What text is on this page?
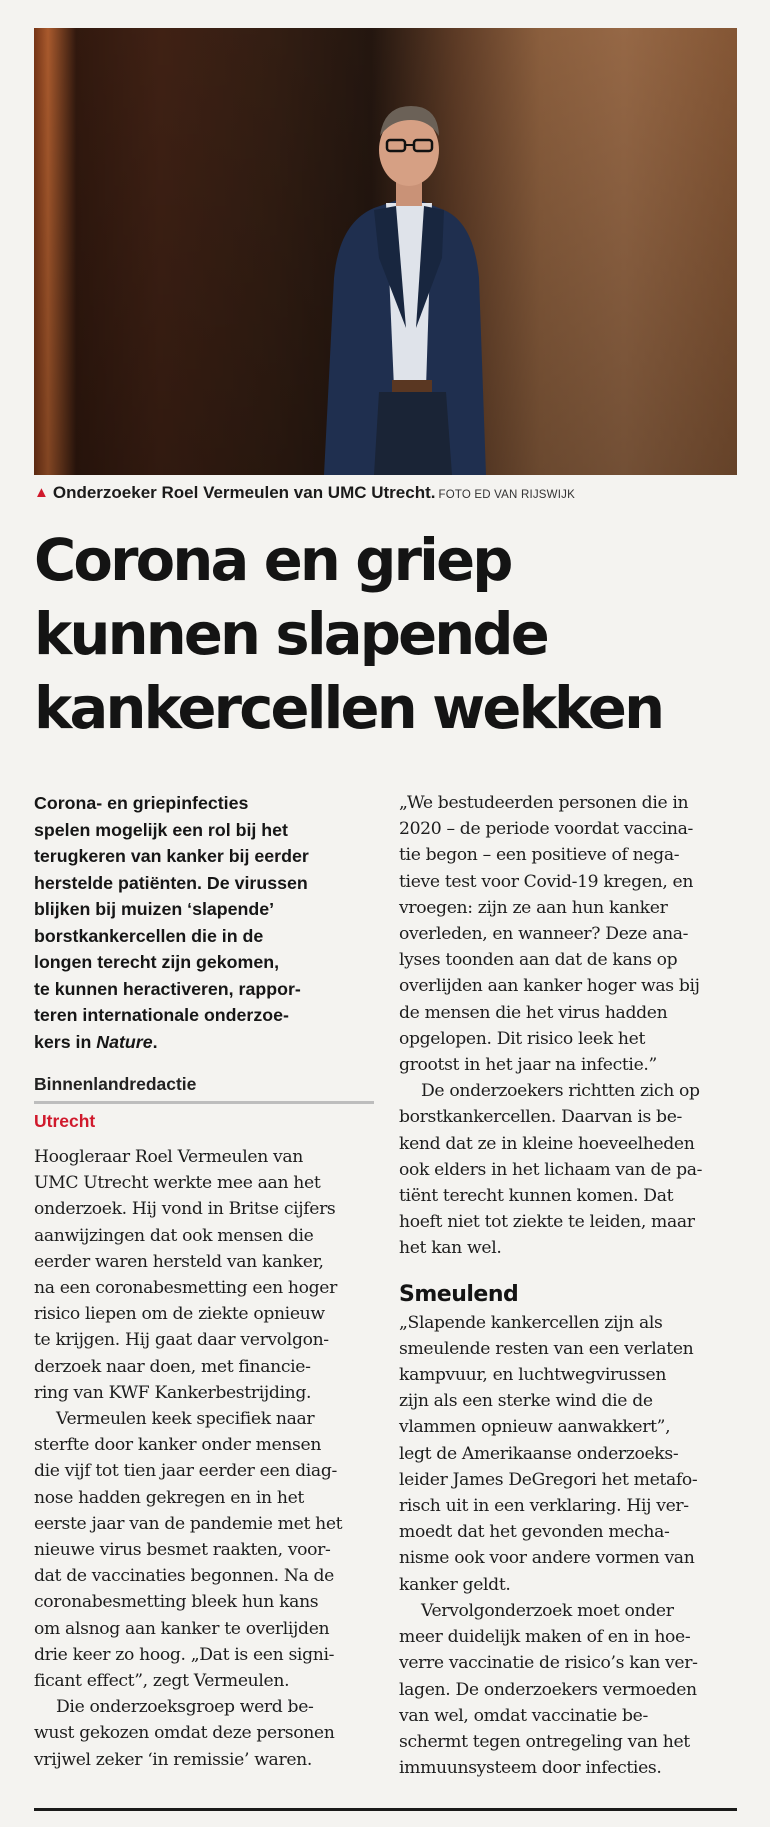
▲ Onderzoeker Roel Vermeulen van UMC Utrecht. FOTO ED VAN RIJSWIJK
Corona en griep
kunnen slapende
kankercellen wekken
Corona- en griepinfecties
spelen mogelijk een rol bij het
terugkeren van kanker bij eerder
herstelde patiënten. De virussen
blijken bij muizen ‘slapende’
borstkankercellen die in de
longen terecht zijn gekomen,
te kunnen heractiveren, rappor-
teren internationale onderzoe-
kers in Nature.
Binnenlandredactie
Utrecht
Hoogleraar Roel Vermeulen van
UMC Utrecht werkte mee aan het
onderzoek. Hij vond in Britse cijfers
aanwijzingen dat ook mensen die
eerder waren hersteld van kanker,
na een coronabesmetting een hoger
risico liepen om de ziekte opnieuw
te krijgen. Hij gaat daar vervolgon-
derzoek naar doen, met financie-
ring van KWF Kankerbestrijding.
Vermeulen keek specifiek naar
sterfte door kanker onder mensen
die vijf tot tien jaar eerder een diag-
nose hadden gekregen en in het
eerste jaar van de pandemie met het
nieuwe virus besmet raakten, voor-
dat de vaccinaties begonnen. Na de
coronabesmetting bleek hun kans
om alsnog aan kanker te overlijden
drie keer zo hoog. „Dat is een signi-
ficant effect”, zegt Vermeulen.
Die onderzoeksgroep werd be-
wust gekozen omdat deze personen
vrijwel zeker ‘in remissie’ waren.
„We bestudeerden personen die in
2020 – de periode voordat vaccina-
tie begon – een positieve of nega-
tieve test voor Covid-19 kregen, en
vroegen: zijn ze aan hun kanker
overleden, en wanneer? Deze ana-
lyses toonden aan dat de kans op
overlijden aan kanker hoger was bij
de mensen die het virus hadden
opgelopen. Dit risico leek het
grootst in het jaar na infectie.”
De onderzoekers richtten zich op
borstkankercellen. Daarvan is be-
kend dat ze in kleine hoeveelheden
ook elders in het lichaam van de pa-
tiënt terecht kunnen komen. Dat
hoeft niet tot ziekte te leiden, maar
het kan wel.
Smeulend
„Slapende kankercellen zijn als
smeulende resten van een verlaten
kampvuur, en luchtwegvirussen
zijn als een sterke wind die de
vlammen opnieuw aanwakkert”,
legt de Amerikaanse onderzoeks-
leider James DeGregori het metafo-
risch uit in een verklaring. Hij ver-
moedt dat het gevonden mecha-
nisme ook voor andere vormen van
kanker geldt.
Vervolgonderzoek moet onder
meer duidelijk maken of en in hoe-
verre vaccinatie de risico’s kan ver-
lagen. De onderzoekers vermoeden
van wel, omdat vaccinatie be-
schermt tegen ontregeling van het
immuunsysteem door infecties.
